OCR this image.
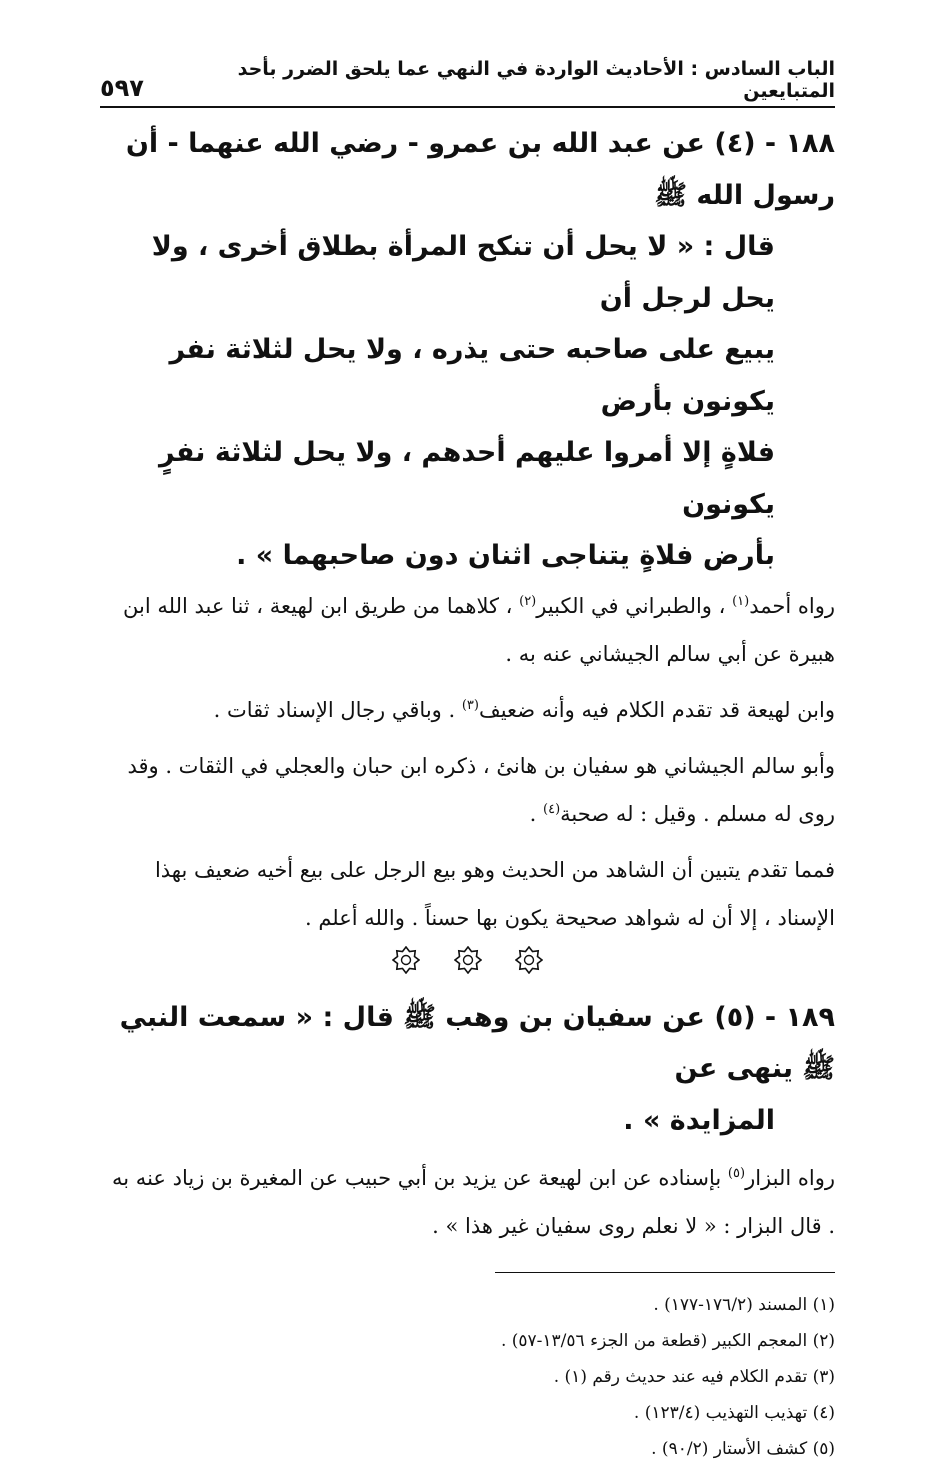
الباب السادس : الأحاديث الواردة في النهي عما يلحق الضرر بأحد المتبايعين
٥٩٧
١٨٨ - (٤) عن عبد الله بن عمرو - رضي الله عنهما - أن رسول الله ﷺ
قال : « لا يحل أن تنكح المرأة بطلاق أخرى ، ولا يحل لرجل أن
يبيع على صاحبه حتى يذره ، ولا يحل لثلاثة نفر يكونون بأرض
فلاةٍ إلا أمروا عليهم أحدهم ، ولا يحل لثلاثة نفرٍ يكونون
بأرض فلاةٍ يتناجى اثنان دون صاحبهما » .

رواه أحمد$^{(١)}$ ، والطبراني في الكبير$^{(٢)}$ ، كلاهما من طريق ابن لهيعة ، ثنا عبد الله ابن هبيرة عن أبي سالم الجيشاني عنه به .

وابن لهيعة قد تقدم الكلام فيه وأنه ضعيف$^{(٣)}$ . وباقي رجال الإسناد ثقات .

وأبو سالم الجيشاني هو سفيان بن هانئ ، ذكره ابن حبان والعجلي في الثقات . وقد روى له مسلم . وقيل : له صحبة$^{(٤)}$ .

فمما تقدم يتبين أن الشاهد من الحديث وهو بيع الرجل على بيع أخيه ضعيف بهذا الإسناد ، إلا أن له شواهد صحيحة يكون بها حسناً . والله أعلم .

١٨٩ - (٥) عن سفيان بن وهب ﷺ قال : « سمعت النبي ﷺ ينهى عن
المزايدة » .

رواه البزار$^{(٥)}$ بإسناده عن ابن لهيعة عن يزيد بن أبي حبيب عن المغيرة بن زياد عنه به . قال البزار : « لا نعلم روى سفيان غير هذا » .

(١) المسند (١٧٦/٢-١٧٧) .
(٢) المعجم الكبير (قطعة من الجزء ١٣/٥٦-٥٧) .
(٣) تقدم الكلام فيه عند حديث رقم (١) .
(٤) تهذيب التهذيب (١٢٣/٤) .
(٥) كشف الأستار (٩٠/٢) .
